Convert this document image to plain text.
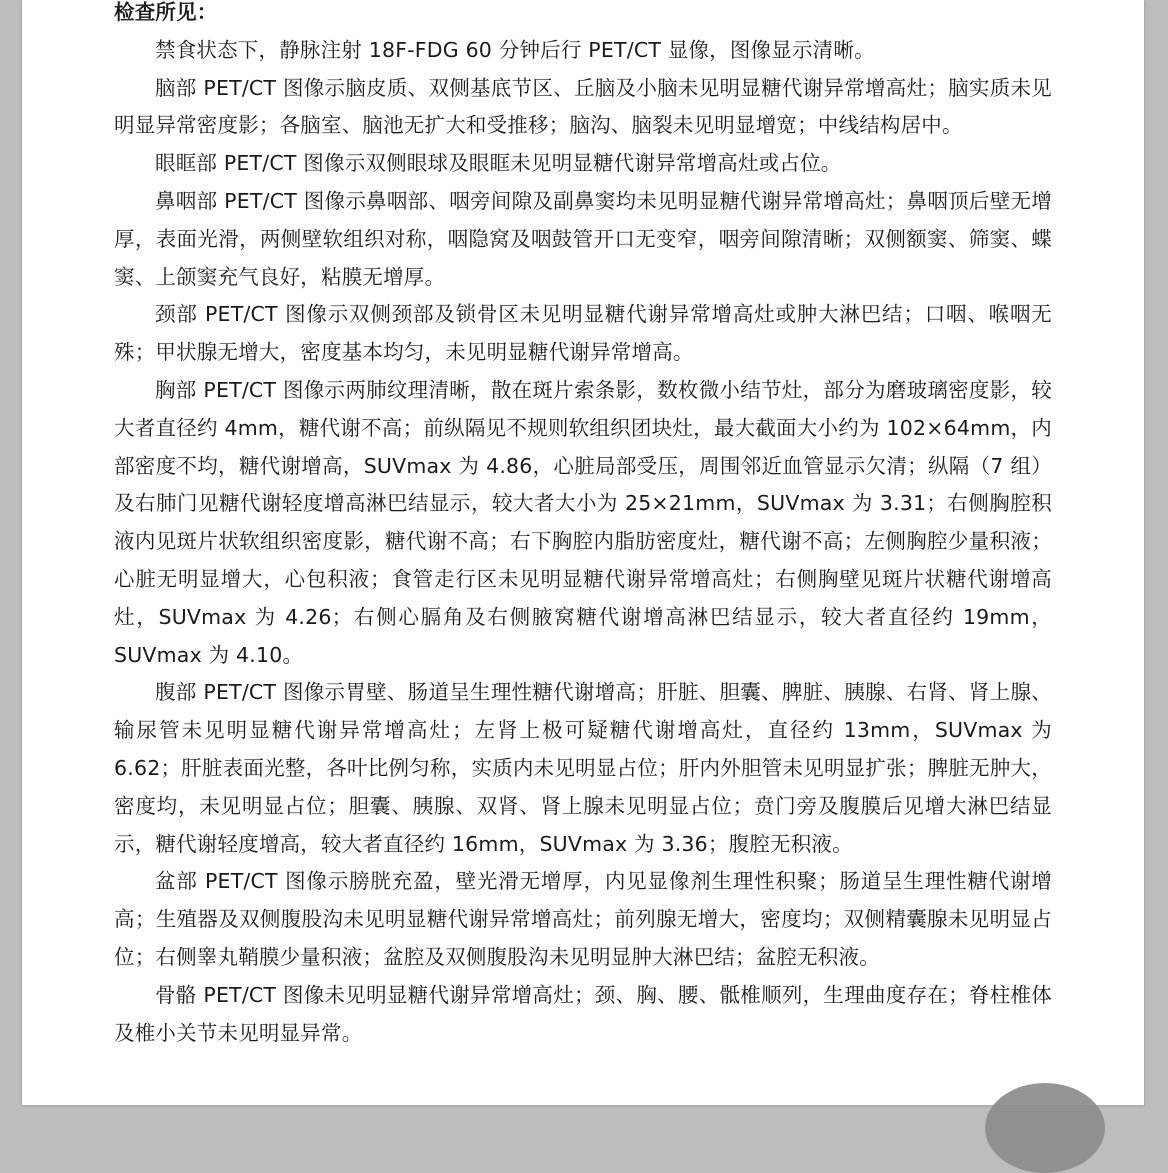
检查所见：

禁食状态下，静脉注射 18F-FDG 60 分钟后行 PET/CT 显像，图像显示清晰。

脑部 PET/CT 图像示脑皮质、双侧基底节区、丘脑及小脑未见明显糖代谢异常增高灶；脑实质未见明显异常密度影；各脑室、脑池无扩大和受推移；脑沟、脑裂未见明显增宽；中线结构居中。

眼眶部 PET/CT 图像示双侧眼球及眼眶未见明显糖代谢异常增高灶或占位。

鼻咽部 PET/CT 图像示鼻咽部、咽旁间隙及副鼻窦均未见明显糖代谢异常增高灶；鼻咽顶后壁无增厚，表面光滑，两侧壁软组织对称，咽隐窝及咽鼓管开口无变窄，咽旁间隙清晰；双侧额窦、筛窦、蝶窦、上颌窦充气良好，粘膜无增厚。

颈部 PET/CT 图像示双侧颈部及锁骨区未见明显糖代谢异常增高灶或肿大淋巴结；口咽、喉咽无殊；甲状腺无增大，密度基本均匀，未见明显糖代谢异常增高。

胸部 PET/CT 图像示两肺纹理清晰，散在斑片索条影，数枚微小结节灶，部分为磨玻璃密度影，较大者直径约 4mm，糖代谢不高；前纵隔见不规则软组织团块灶，最大截面大小约为 102×64mm，内部密度不均，糖代谢增高，SUVmax 为 4.86，心脏局部受压，周围邻近血管显示欠清；纵隔（7 组）及右肺门见糖代谢轻度增高淋巴结显示，较大者大小为 25×21mm，SUVmax 为 3.31；右侧胸腔积液内见斑片状软组织密度影，糖代谢不高；右下胸腔内脂肪密度灶，糖代谢不高；左侧胸腔少量积液；心脏无明显增大，心包积液；食管走行区未见明显糖代谢异常增高灶；右侧胸壁见斑片状糖代谢增高灶，SUVmax 为 4.26；右侧心膈角及右侧腋窝糖代谢增高淋巴结显示，较大者直径约 19mm，SUVmax 为 4.10。

腹部 PET/CT 图像示胃壁、肠道呈生理性糖代谢增高；肝脏、胆囊、脾脏、胰腺、右肾、肾上腺、输尿管未见明显糖代谢异常增高灶；左肾上极可疑糖代谢增高灶，直径约 13mm，SUVmax 为 6.62；肝脏表面光整，各叶比例匀称，实质内未见明显占位；肝内外胆管未见明显扩张；脾脏无肿大，密度均，未见明显占位；胆囊、胰腺、双肾、肾上腺未见明显占位；贲门旁及腹膜后见增大淋巴结显示，糖代谢轻度增高，较大者直径约 16mm，SUVmax 为 3.36；腹腔无积液。

盆部 PET/CT 图像示膀胱充盈，壁光滑无增厚，内见显像剂生理性积聚；肠道呈生理性糖代谢增高；生殖器及双侧腹股沟未见明显糖代谢异常增高灶；前列腺无增大，密度均；双侧精囊腺未见明显占位；右侧睾丸鞘膜少量积液；盆腔及双侧腹股沟未见明显肿大淋巴结；盆腔无积液。

骨骼 PET/CT 图像未见明显糖代谢异常增高灶；颈、胸、腰、骶椎顺列，生理曲度存在；脊柱椎体及椎小关节未见明显异常。
